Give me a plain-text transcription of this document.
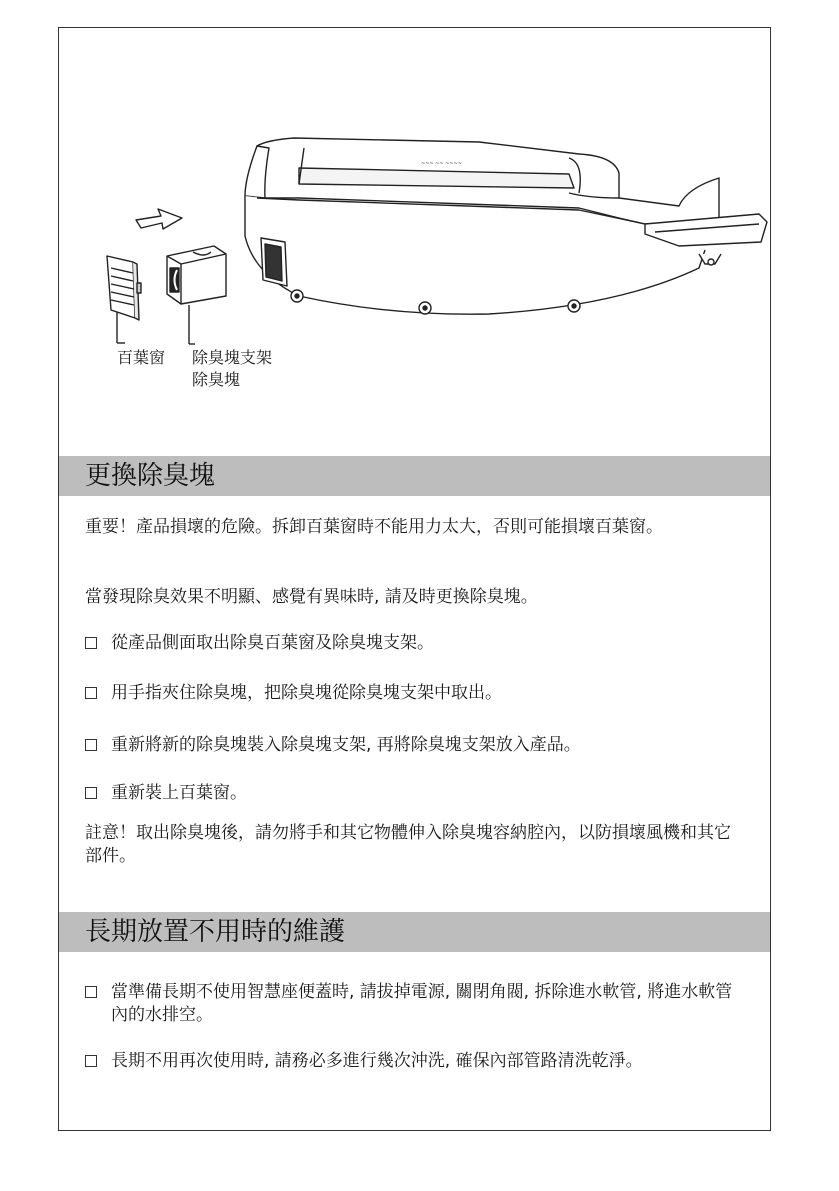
~~~ ~~ ~~~~
百葉窗 除臭塊支架
除臭塊
更換除臭塊
重要！產品損壞的危險。拆卸百葉窗時不能用力太大，否則可能損壞百葉窗。
當發現除臭效果不明顯、感覺有異味時, 請及時更換除臭塊。
從產品側面取出除臭百葉窗及除臭塊支架。
用手指夾住除臭塊，把除臭塊從除臭塊支架中取出。
重新將新的除臭塊裝入除臭塊支架, 再將除臭塊支架放入產品。
重新裝上百葉窗。
註意！取出除臭塊後，請勿將手和其它物體伸入除臭塊容納腔內，以防損壞風機和其它部件。
長期放置不用時的維護
當準備長期不使用智慧座便蓋時, 請拔掉電源, 關閉角閥, 拆除進水軟管, 將進水軟管內的水排空。
長期不用再次使用時, 請務必多進行幾次沖洗, 確保內部管路清洗乾淨。
